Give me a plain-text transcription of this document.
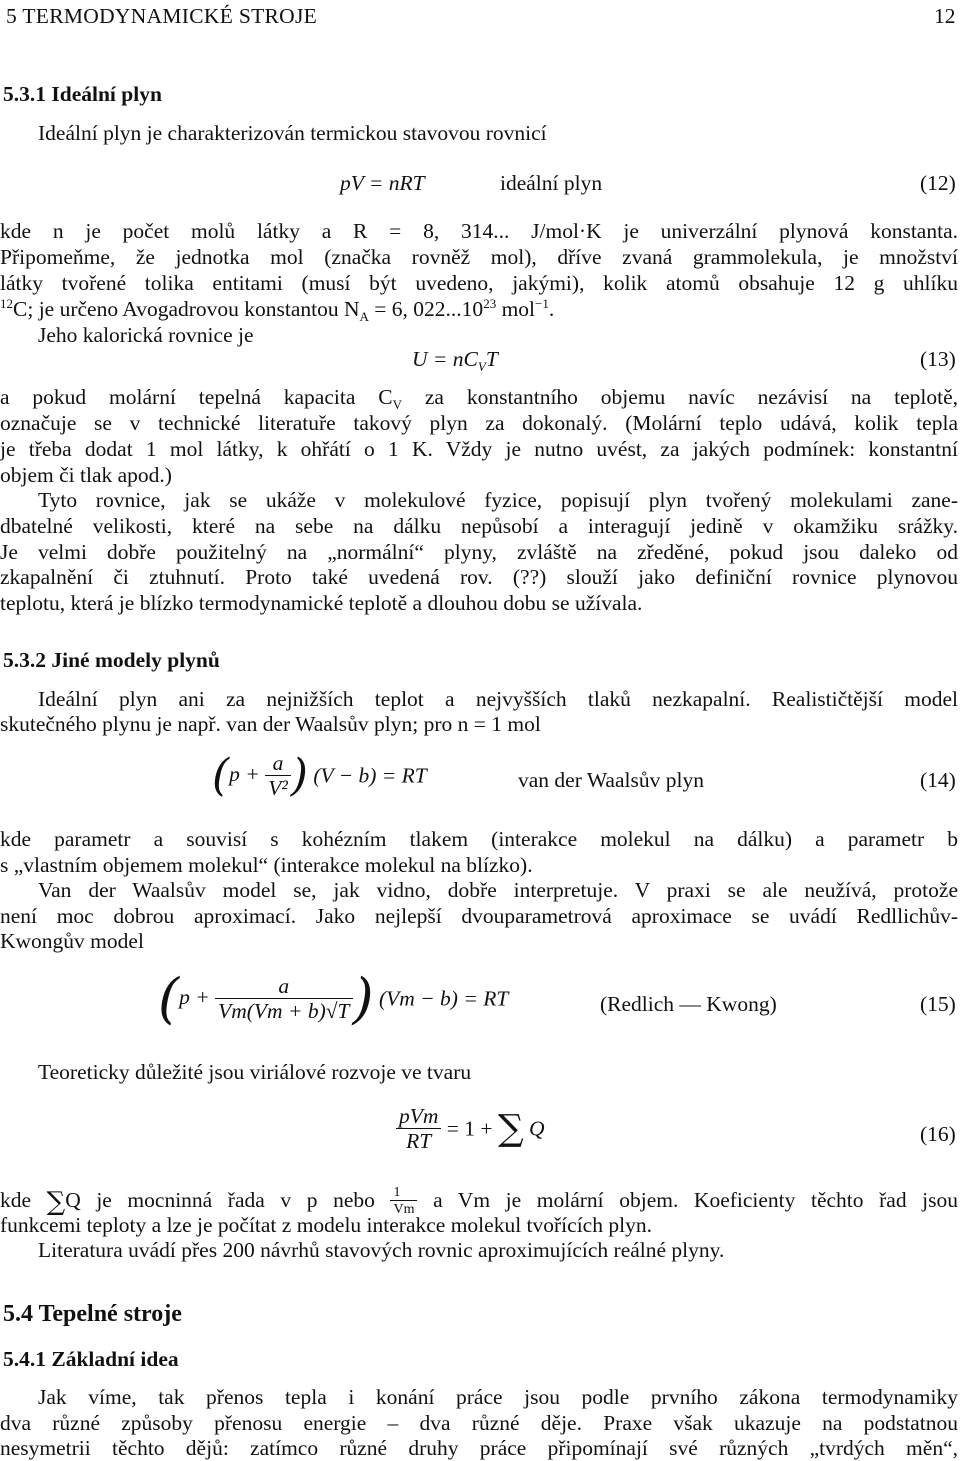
5 TERMODYNAMICKÉ STROJE	12
5.3.1 Ideální plyn
Ideální plyn je charakterizován termickou stavovou rovnicí
pV = nRT	ideální plyn	(12)
kde n je počet molů látky a R = 8, 314... J/mol·K je univerzální plynová konstanta.
Připomeňme, že jednotka mol (značka rovněž mol), dříve zvaná grammolekula, je množství
látky tvořené tolika entitami (musí být uvedeno, jakými), kolik atomů obsahuje 12 g uhlíku
$^{12}$C; je určeno Avogadrovou konstantou $N_A = 6$, 022...10$^{23}$ mol$^{-1}$.
Jeho kalorická rovnice je
$U = nC_VT$	(13)
a pokud molární tepelná kapacita $C_V$ za konstantního objemu navíc nezávisí na teplotě,
označuje se v technické literatuře takový plyn za dokonalý. (Molární teplo udává, kolik tepla
je třeba dodat 1 mol látky, k ohřátí o 1 K. Vždy je nutno uvést, za jakých podmínek: konstantní
objem či tlak apod.)
Tyto rovnice, jak se ukáže v molekulové fyzice, popisují plyn tvořený molekulami zane-
dbatelné velikosti, které na sebe na dálku nepůsobí a interagují jedině v okamžiku srážky.
Je velmi dobře použitelný na „normální“ plyny, zvláště na zředěné, pokud jsou daleko od
zkapalnění či ztuhnutí. Proto také uvedená rov. (??) slouží jako definiční rovnice plynovou
teplotu, která je blízko termodynamické teplotě a dlouhou dobu se užívala.
5.3.2 Jiné modely plynů
Ideální plyn ani za nejnižších teplot a nejvyšších tlaků nezkapalní. Realističtější model
skutečného plynu je např. van der Waalsův plyn; pro n = 1 mol
($p + \frac{a}{\text{V²}}$ ) (V − b) = RT	van der Waalsův plyn	(14)
kde parametr a souvisí s kohézním tlakem (interakce molekul na dálku) a parametr b
s „vlastním objemem molekul“ (interakce molekul na blízko).
Van der Waalsův model se, jak vidno, dobře interpretuje. V praxi se ale neužívá, protože
není moc dobrou aproximací. Jako nejlepší dvouparametrová aproximace se uvádí Redllichův-
Kwongův model
($p + \frac{a}{Vm(Vm + b)√T}$ ) (Vm − b) = RT	(Redlich — Kwong)	(15)
Teoreticky důležité jsou viriálové rozvoje ve tvaru
$\frac{\text{pVm}}{RT} = 1$ + ∑ Q	(16)
kde ∑Q je mocninná řada v p nebo $\frac{1}{Vm}$ a Vm je molární objem. Koeficienty těchto řad jsou
funkcemi teploty a lze je počítat z modelu interakce molekul tvořících plyn.
Literatura uvádí přes 200 návrhů stavových rovnic aproximujících reálné plyny.
5.4 Tepelné stroje
5.4.1 Základní idea
Jak víme, tak přenos tepla i konání práce jsou podle prvního zákona termodynamiky
dva různé způsoby přenosu energie – dva různé děje. Praxe však ukazuje na podstatnou
nesymetrii těchto dějů: zatímco různé druhy práce připomínají své různých „tvrdých měn“,
